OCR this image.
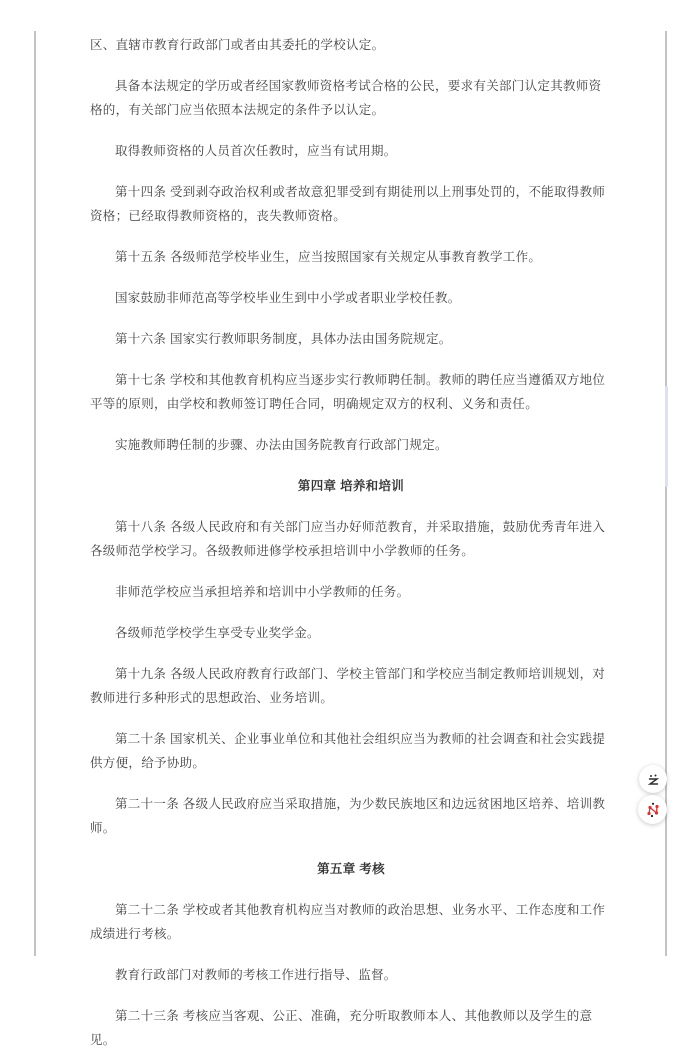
区、直辖市教育行政部门或者由其委托的学校认定。

具备本法规定的学历或者经国家教师资格考试合格的公民，要求有关部门认定其教师资格的，有关部门应当依照本法规定的条件予以认定。

取得教师资格的人员首次任教时，应当有试用期。

第十四条 受到剥夺政治权利或者故意犯罪受到有期徒刑以上刑事处罚的，不能取得教师资格；已经取得教师资格的，丧失教师资格。

第十五条 各级师范学校毕业生，应当按照国家有关规定从事教育教学工作。

国家鼓励非师范高等学校毕业生到中小学或者职业学校任教。

第十六条 国家实行教师职务制度，具体办法由国务院规定。

第十七条 学校和其他教育机构应当逐步实行教师聘任制。教师的聘任应当遵循双方地位平等的原则，由学校和教师签订聘任合同，明确规定双方的权利、义务和责任。

实施教师聘任制的步骤、办法由国务院教育行政部门规定。

第四章 培养和培训

第十八条 各级人民政府和有关部门应当办好师范教育，并采取措施，鼓励优秀青年进入各级师范学校学习。各级教师进修学校承担培训中小学教师的任务。

非师范学校应当承担培养和培训中小学教师的任务。

各级师范学校学生享受专业奖学金。

第十九条 各级人民政府教育行政部门、学校主管部门和学校应当制定教师培训规划，对教师进行多种形式的思想政治、业务培训。

第二十条 国家机关、企业事业单位和其他社会组织应当为教师的社会调查和社会实践提供方便，给予协助。

第二十一条 各级人民政府应当采取措施，为少数民族地区和边远贫困地区培养、培训教师。

第五章 考核

第二十二条 学校或者其他教育机构应当对教师的政治思想、业务水平、工作态度和工作成绩进行考核。

教育行政部门对教师的考核工作进行指导、监督。

第二十三条 考核应当客观、公正、准确，充分听取教师本人、其他教师以及学生的意见。
